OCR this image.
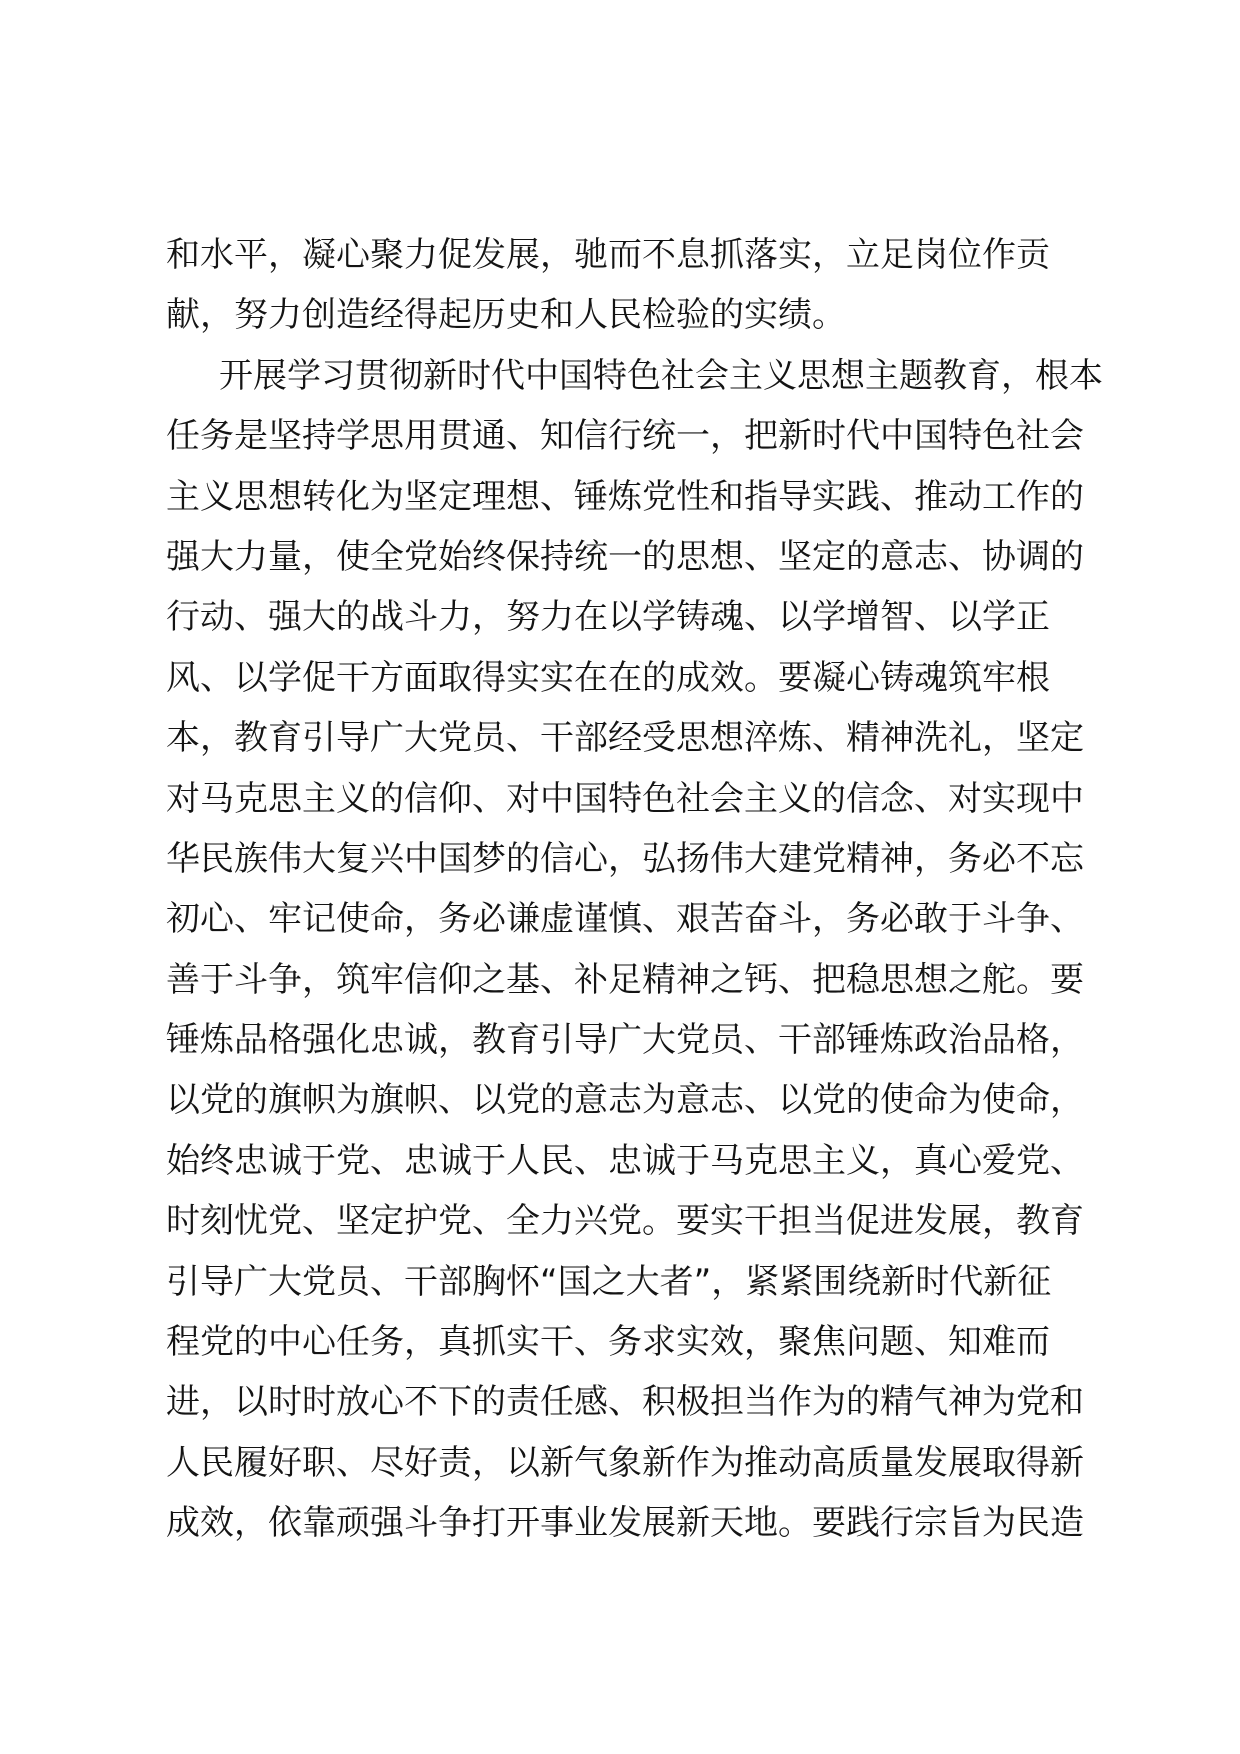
和水平，凝心聚力促发展，驰而不息抓落实，立足岗位作贡
献，努力创造经得起历史和人民检验的实绩。
开展学习贯彻新时代中国特色社会主义思想主题教育，根本
任务是坚持学思用贯通、知信行统一，把新时代中国特色社会
主义思想转化为坚定理想、锤炼党性和指导实践、推动工作的
强大力量，使全党始终保持统一的思想、坚定的意志、协调的
行动、强大的战斗力，努力在以学铸魂、以学增智、以学正
风、以学促干方面取得实实在在的成效。要凝心铸魂筑牢根
本，教育引导广大党员、干部经受思想淬炼、精神洗礼，坚定
对马克思主义的信仰、对中国特色社会主义的信念、对实现中
华民族伟大复兴中国梦的信心，弘扬伟大建党精神，务必不忘
初心、牢记使命，务必谦虚谨慎、艰苦奋斗，务必敢于斗争、
善于斗争，筑牢信仰之基、补足精神之钙、把稳思想之舵。要
锤炼品格强化忠诚，教育引导广大党员、干部锤炼政治品格，
以党的旗帜为旗帜、以党的意志为意志、以党的使命为使命，
始终忠诚于党、忠诚于人民、忠诚于马克思主义，真心爱党、
时刻忧党、坚定护党、全力兴党。要实干担当促进发展，教育
引导广大党员、干部胸怀“国之大者”，紧紧围绕新时代新征
程党的中心任务，真抓实干、务求实效，聚焦问题、知难而
进，以时时放心不下的责任感、积极担当作为的精气神为党和
人民履好职、尽好责，以新气象新作为推动高质量发展取得新
成效，依靠顽强斗争打开事业发展新天地。要践行宗旨为民造
